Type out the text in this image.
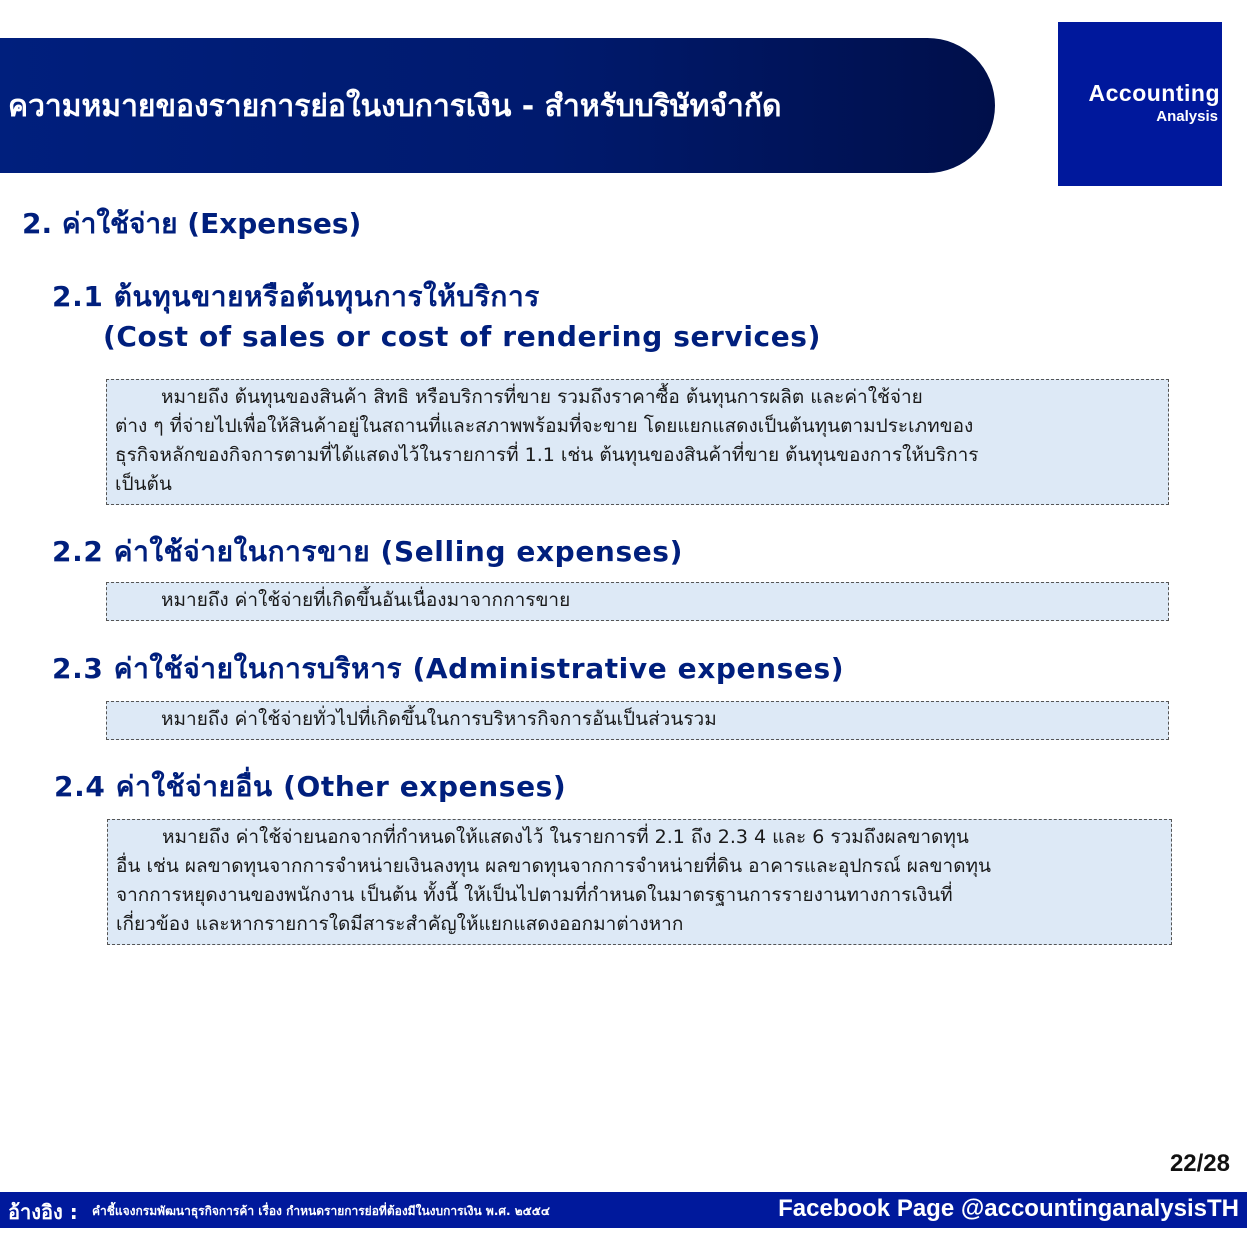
ความหมายของรายการย่อในงบการเงิน - สำหรับบริษัทจำกัด	Accounting
Analysis
2. ค่าใช้จ่าย (Expenses)
2.1 ต้นทุนขายหรือต้นทุนการให้บริการ
(Cost of sales or cost of rendering services)

หมายถึง ต้นทุนของสินค้า สิทธิ หรือบริการที่ขาย รวมถึงราคาซื้อ ต้นทุนการผลิต และค่าใช้จ่าย

ต่าง ๆ ที่จ่ายไปเพื่อให้สินค้าอยู่ในสถานที่และสภาพพร้อมที่จะขาย โดยแยกแสดงเป็นต้นทุนตามประเภทของ
ธุรกิจหลักของกิจการตามที่ได้แสดงไว้ในรายการที่ 1.1 เช่น ต้นทุนของสินค้าที่ขาย ต้นทุนของการให้บริการ
เป็นต้น
2.2 ค่าใช้จ่ายในการขาย (Selling expenses)

หมายถึง ค่าใช้จ่ายที่เกิดขึ้นอันเนื่องมาจากการขาย

2.3 ค่าใช้จ่ายในการบริหาร (Administrative expenses)

หมายถึง ค่าใช้จ่ายทั่วไปที่เกิดขึ้นในการบริหารกิจการอันเป็นส่วนรวม

2.4 ค่าใช้จ่ายอื่น (Other expenses)

หมายถึง ค่าใช้จ่ายนอกจากที่กำหนดให้แสดงไว้ ในรายการที่ 2.1 ถึง 2.3 4 และ 6 รวมถึงผลขาดทุน

อื่น เช่น ผลขาดทุนจากการจำหน่ายเงินลงทุน ผลขาดทุนจากการจำหน่ายที่ดิน อาคารและอุปกรณ์ ผลขาดทุน
จากการหยุดงานของพนักงาน เป็นต้น ทั้งนี้ ให้เป็นไปตามที่กำหนดในมาตรฐานการรายงานทางการเงินที่
เกี่ยวข้อง และหากรายการใดมีสาระสำคัญให้แยกแสดงออกมาต่างหาก
22/28
อ้างอิง : คำชี้แจงกรมพัฒนาธุรกิจการค้า เรื่อง กำหนดรายการย่อที่ต้องมีในงบการเงิน พ.ศ. ๒๕๕๔	Facebook Page @accountinganalysisTH
